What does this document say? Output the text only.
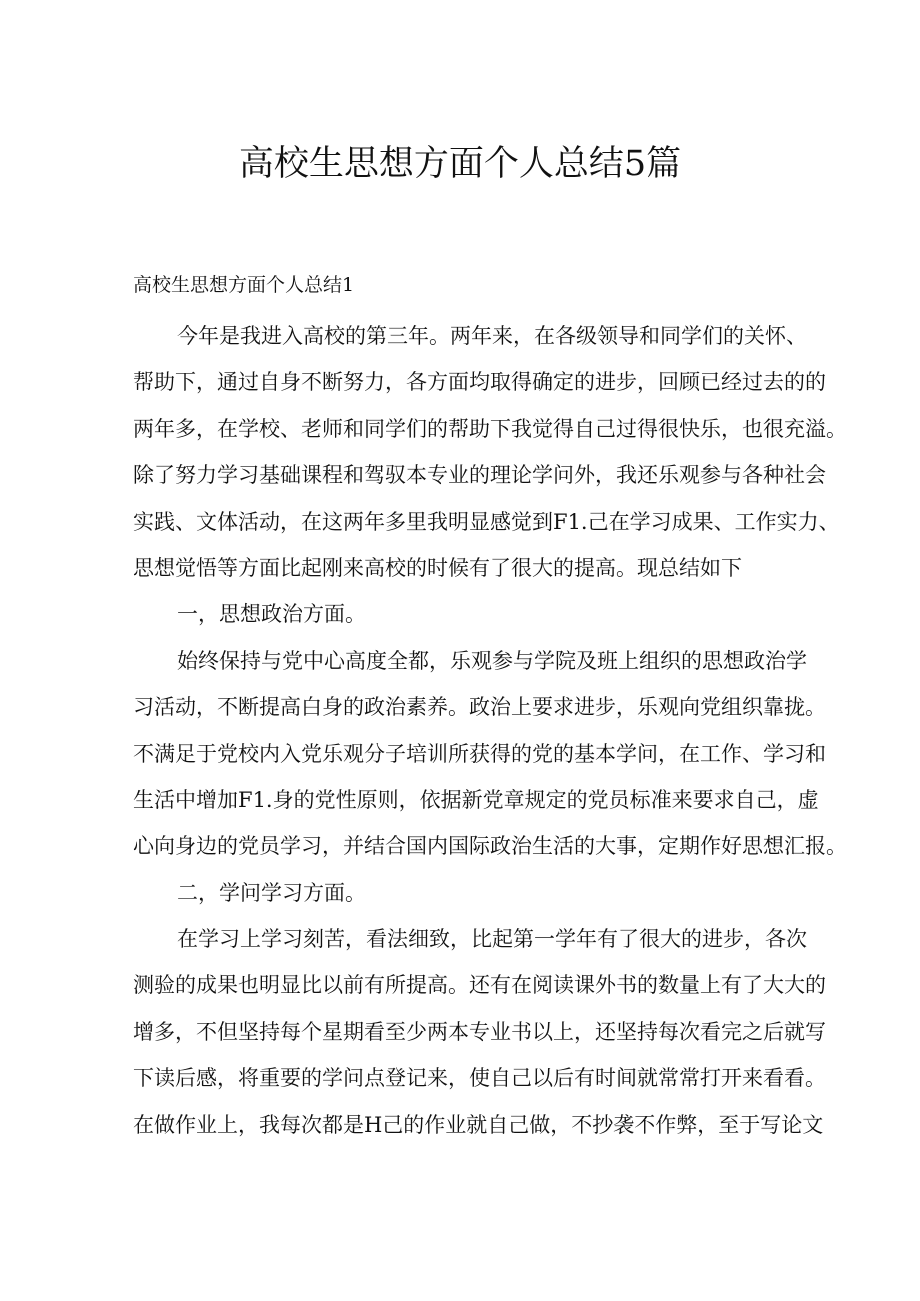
高校生思想方面个人总结5篇
高校生思想方面个人总结1
今年是我进入高校的第三年。两年来，在各级领导和同学们的关怀、
帮助下，通过自身不断努力，各方面均取得确定的进步，回顾已经过去的的
两年多，在学校、老师和同学们的帮助下我觉得自己过得很快乐，也很充溢。
除了努力学习基础课程和驾驭本专业的理论学问外，我还乐观参与各种社会
实践、文体活动，在这两年多里我明显感觉到F1.己在学习成果、工作实力、
思想觉悟等方面比起刚来高校的时候有了很大的提高。现总结如下
一，思想政治方面。
始终保持与党中心高度全都，乐观参与学院及班上组织的思想政治学
习活动，不断提高白身的政治素养。政治上要求进步，乐观向党组织靠拢。
不满足于党校内入党乐观分子培训所获得的党的基本学问，在工作、学习和
生活中增加F1.身的党性原则，依据新党章规定的党员标准来要求自己，虚
心向身边的党员学习，并结合国内国际政治生活的大事，定期作好思想汇报。
二，学问学习方面。
在学习上学习刻苦，看法细致，比起第一学年有了很大的进步，各次
测验的成果也明显比以前有所提高。还有在阅读课外书的数量上有了大大的
增多，不但坚持每个星期看至少两本专业书以上，还坚持每次看完之后就写
下读后感，将重要的学问点登记来，使自己以后有时间就常常打开来看看。
在做作业上，我每次都是H己的作业就自己做，不抄袭不作弊，至于写论文
